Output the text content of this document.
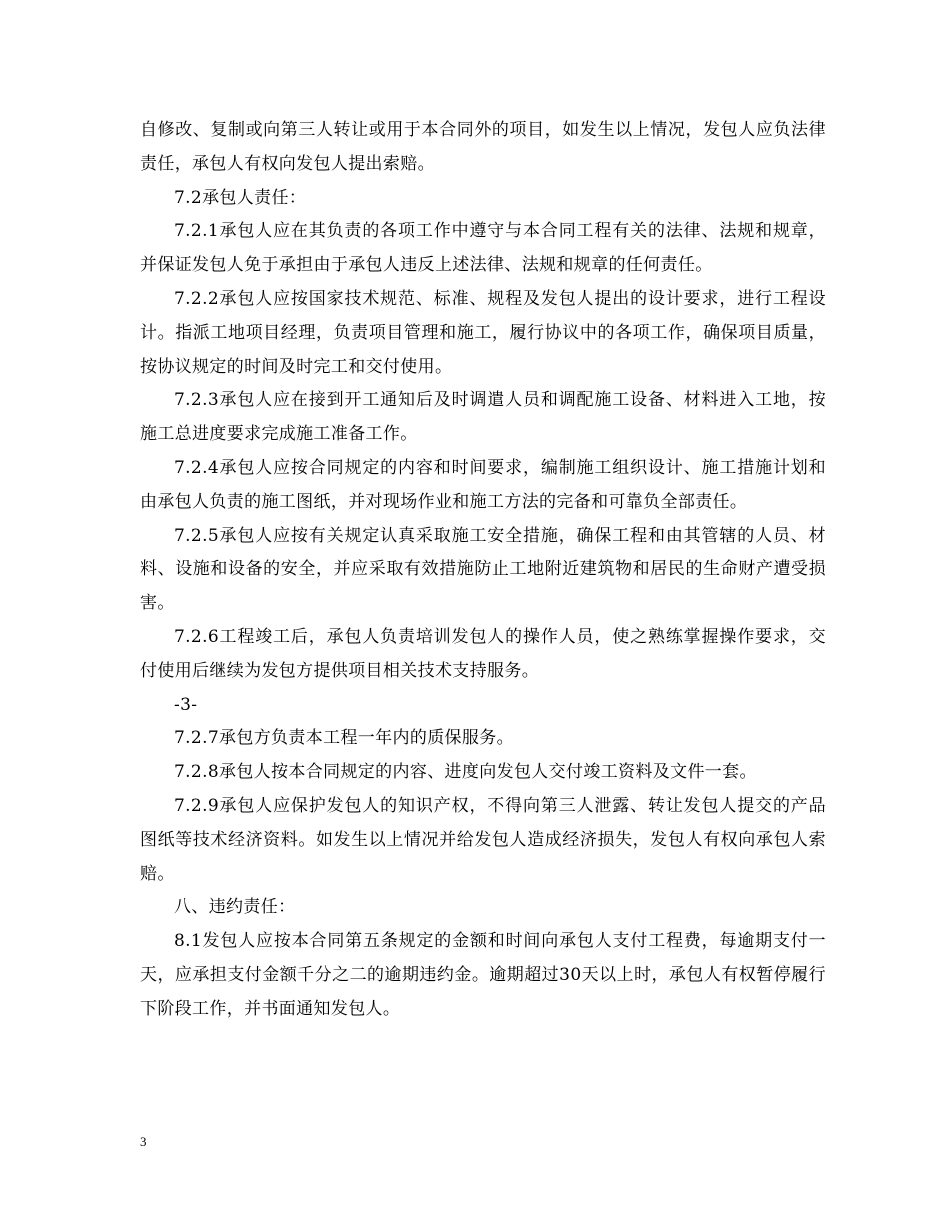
自修改、复制或向第三人转让或用于本合同外的项目，如发生以上情况，发包人应负法律责任，承包人有权向发包人提出索赔。

7.2承包人责任：

7.2.1承包人应在其负责的各项工作中遵守与本合同工程有关的法律、法规和规章，并保证发包人免于承担由于承包人违反上述法律、法规和规章的任何责任。

7.2.2承包人应按国家技术规范、标准、规程及发包人提出的设计要求，进行工程设计。指派工地项目经理，负责项目管理和施工，履行协议中的各项工作，确保项目质量，按协议规定的时间及时完工和交付使用。

7.2.3承包人应在接到开工通知后及时调遣人员和调配施工设备、材料进入工地，按施工总进度要求完成施工准备工作。

7.2.4承包人应按合同规定的内容和时间要求，编制施工组织设计、施工措施计划和由承包人负责的施工图纸，并对现场作业和施工方法的完备和可靠负全部责任。

7.2.5承包人应按有关规定认真采取施工安全措施，确保工程和由其管辖的人员、材料、设施和设备的安全，并应采取有效措施防止工地附近建筑物和居民的生命财产遭受损害。

7.2.6工程竣工后，承包人负责培训发包人的操作人员，使之熟练掌握操作要求，交付使用后继续为发包方提供项目相关技术支持服务。

-3-

7.2.7承包方负责本工程一年内的质保服务。

7.2.8承包人按本合同规定的内容、进度向发包人交付竣工资料及文件一套。

7.2.9承包人应保护发包人的知识产权，不得向第三人泄露、转让发包人提交的产品图纸等技术经济资料。如发生以上情况并给发包人造成经济损失，发包人有权向承包人索赔。

八、违约责任：

8.1发包人应按本合同第五条规定的金额和时间向承包人支付工程费，每逾期支付一天，应承担支付金额千分之二的逾期违约金。逾期超过30天以上时，承包人有权暂停履行下阶段工作，并书面通知发包人。

3
